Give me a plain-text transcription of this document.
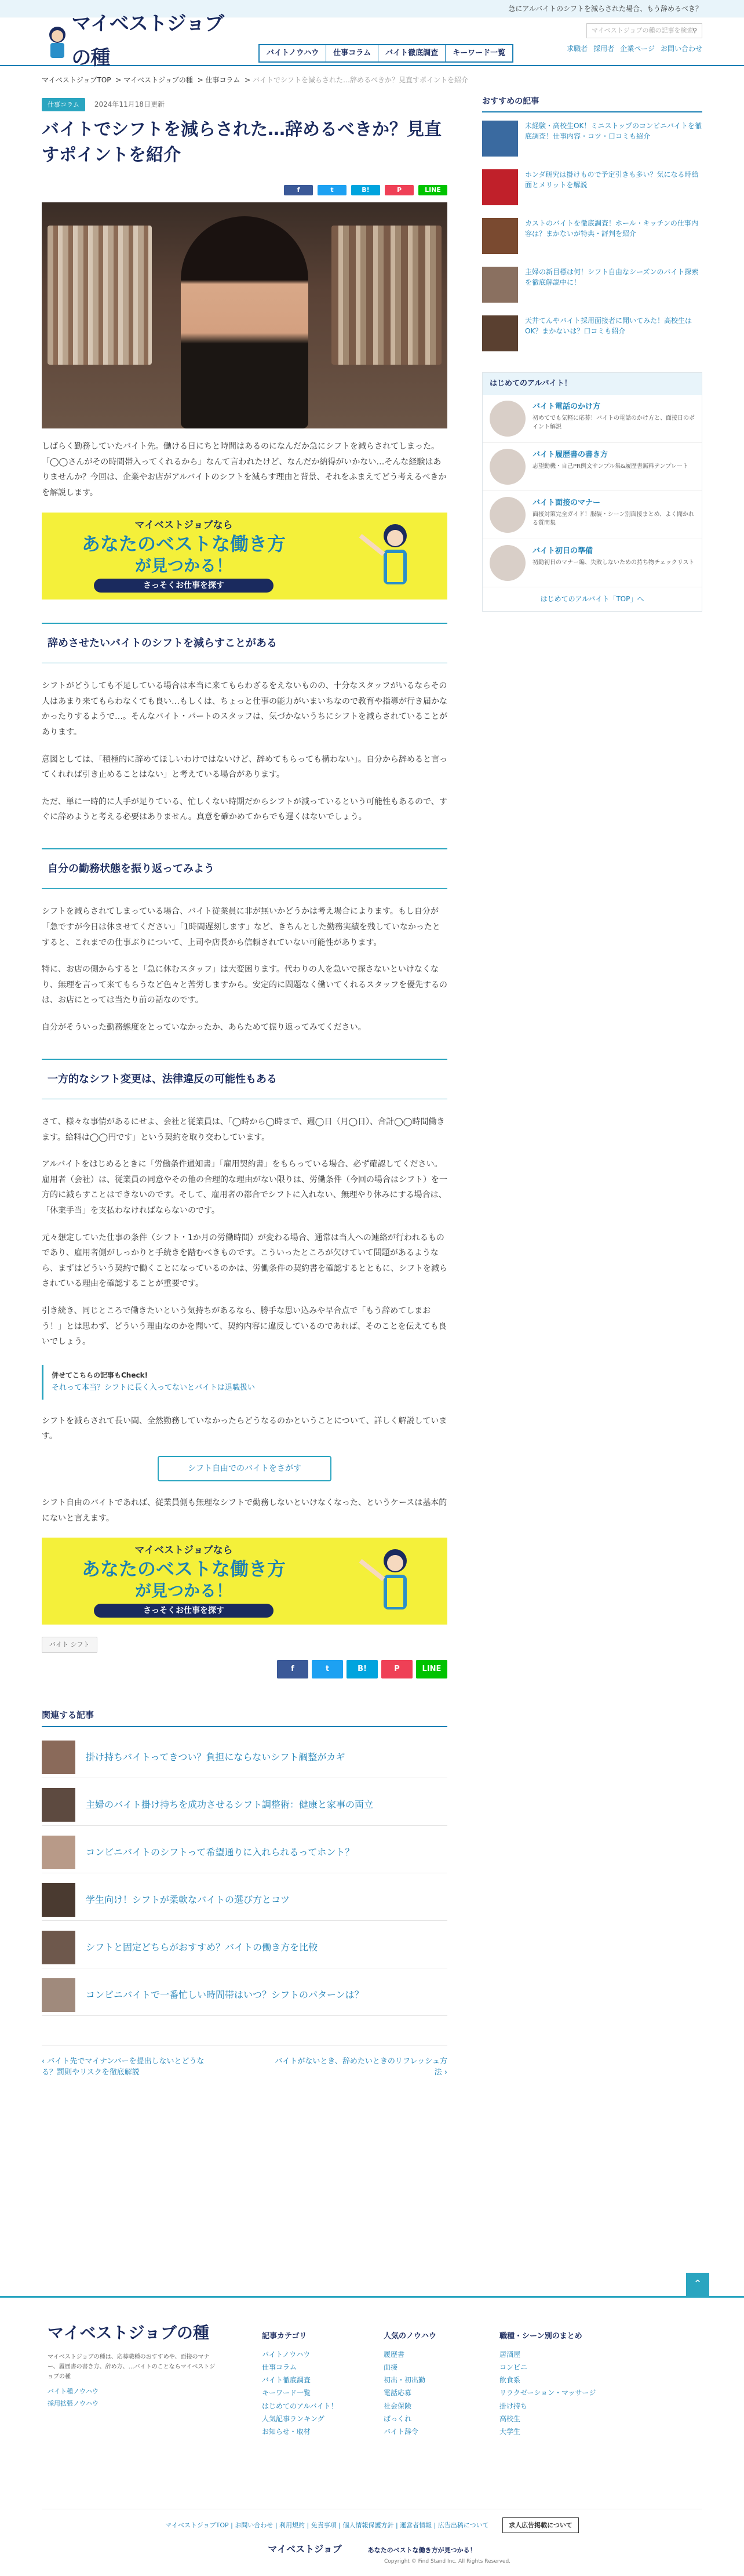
急にアルバイトのシフトを減らされた場合、もう辞めるべき？
マイベストジョブの種
マイベストジョブの種の記事を検索
⚲
求職者 採用者 企業ページ お問い合わせ
バイトノウハウ	仕事コラム	バイト徹底調査	キーワード一覧
マイベストジョブTOP > マイベストジョブの種 > 仕事コラム > バイトでシフトを減らされた…辞めるべきか？見直すポイントを紹介
仕事コラム	2024年11月18日更新
バイトでシフトを減らされた…辞めるべきか？見直すポイントを紹介
f	t	B!	P	LINE

しばらく勤務していたバイト先。働ける日にちと時間はあるのになんだか急にシフトを減らされてしまった。「◯◯さんがその時間帯入ってくれるから」なんて言われたけど、なんだか納得がいかない…そんな経験はありませんか？今回は、企業やお店がアルバイトのシフトを減らす理由と背景、それをふまえてどう考えるべきかを解説します。

マイベストジョブなら
あなたのベストな働き方
が見つかる！
さっそくお仕事を探す
辞めさせたいバイトのシフトを減らすことがある

シフトがどうしても不足している場合は本当に来てもらわざるをえないものの、十分なスタッフがいるならその人はあまり来てもらわなくても良い…もしくは、ちょっと仕事の能力がいまいちなので教育や指導が行き届かなかったりするようで…。そんなバイト・パートのスタッフは、気づかないうちにシフトを減らされていることがあります。

意図としては、「積極的に辞めてほしいわけではないけど、辞めてもらっても構わない」。自分から辞めると言ってくれれば引き止めることはない」と考えている場合があります。

ただ、単に一時的に人手が足りている、忙しくない時期だからシフトが減っているという可能性もあるので、すぐに辞めようと考える必要はありません。真意を確かめてからでも遅くはないでしょう。

自分の勤務状態を振り返ってみよう

シフトを減らされてしまっている場合、バイト従業員に非が無いかどうかは考え場合によります。もし自分が「急ですが今日は休ませてください」「1時間遅刻します」など、きちんとした勤務実績を残していなかったとすると、これまでの仕事ぶりについて、上司や店長から信頼されていない可能性があります。

特に、お店の側からすると「急に休むスタッフ」は大変困ります。代わりの人を急いで探さないといけなくなり、無理を言って来てもらうなど色々と苦労しますから。安定的に問題なく働いてくれるスタッフを優先するのは、お店にとっては当たり前の話なのです。

自分がそういった勤務態度をとっていなかったか、あらためて振り返ってみてください。

一方的なシフト変更は、法律違反の可能性もある

さて、様々な事情があるにせよ、会社と従業員は、「◯時から◯時まで、週◯日（月◯日）、合計◯◯時間働きます。給料は◯◯円です」という契約を取り交わしています。

アルバイトをはじめるときに「労働条件通知書」「雇用契約書」をもらっている場合、必ず確認してください。雇用者（会社）は、従業員の同意やその他の合理的な理由がない限りは、労働条件（今回の場合はシフト）を一方的に減らすことはできないのです。そして、雇用者の都合でシフトに入れない、無理やり休みにする場合は、「休業手当」を支払わなければならないのです。

元々想定していた仕事の条件（シフト・1か月の労働時間）が変わる場合、通常は当人への連絡が行われるものであり、雇用者側がしっかりと手続きを踏むべきものです。こういったところが欠けていて問題があるようなら、まずはどういう契約で働くことになっているのかは、労働条件の契約書を確認するとともに、シフトを減らされている理由を確認することが重要です。

引き続き、同じところで働きたいという気持ちがあるなら、勝手な思い込みや早合点で「もう辞めてしまおう！」とは思わず、どういう理由なのかを聞いて、契約内容に違反しているのであれば、そのことを伝えても良いでしょう。

併せてこちらの記事もCheck!
それって本当？シフトに長く入ってないとバイトは退職扱い

シフトを減らされて長い間、全然勤務していなかったらどうなるのかということについて、詳しく解説しています。

シフト自由でのバイトをさがす

シフト自由のバイトであれば、従業員側も無理なシフトで勤務しないといけなくなった、というケースは基本的にないと言えます。

マイベストジョブなら
あなたのベストな働き方
が見つかる！
さっそくお仕事を探す
バイト シフト
f	t	B!	P	LINE
関連する記事
掛け持ちバイトってきつい？負担にならないシフト調整がカギ
主婦のバイト掛け持ちを成功させるシフト調整術：健康と家事の両立
コンビニバイトのシフトって希望通りに入れられるってホント？
学生向け！シフトが柔軟なバイトの選び方とコツ
シフトと固定どちらがおすすめ？バイトの働き方を比較
コンビニバイトで一番忙しい時間帯はいつ？シフトのパターンは？
‹ バイト先でマイナンバーを提出しないとどうなる？罰則やリスクを徹底解説
バイトがないとき、辞めたいときのリフレッシュ方法 ›
おすすめの記事
未経験・高校生OK！ミニストップのコンビニバイトを徹底調査！仕事内容・コツ・口コミも紹介
ホンダ研究は掛けもので予定引きも多い？気になる時給面とメリットを解説
カストのバイトを徹底調査！ホール・キッチンの仕事内容は？まかないが特典・評判を紹介
主婦の新目標は何！シフト自由なシーズンのバイト探索を徹底解説中に！
天井てんやバイト採用面接者に聞いてみた！高校生はOK？まかないは？口コミも紹介
はじめてのアルバイト！
バイト電話のかけ方
初めてでも気軽に応募！バイトの電話のかけ方と、面接日のポイント解説
バイト履歴書の書き方
志望動機・自己PR例文サンプル集&履歴書無料テンプレート
バイト面接のマナー
面接対策完全ガイド！服装・シーン別面接まとめ、よく聞かれる質問集
バイト初日の準備
初勤初日のマナー編、失敗しないための持ち物チェックリスト
はじめてのアルバイト「TOP」へ
⌃
マイベストジョブの種
マイベストジョブの種は、応募職種のおすすめや、面接のマナー、履歴書の書き方、辞め方、…バイトのことならマイベストジョブの種
バイト種ノウハウ
採用拡張ノウハウ
記事カテゴリ
バイトノウハウ
仕事コラム
バイト徹底調査
キーワード一覧
はじめてのアルバイト！
人気記事ランキング
お知らせ・取材
人気のノウハウ
履歴書
面接
初出・初出勤
電話応募
社会保険
ばっくれ
バイト辞令
職種・シーン別のまとめ
居酒屋
コンビニ
飲食系
リラクゼーション・マッサージ
掛け持ち
高校生
大学生
マイベストジョブTOP | お問い合わせ | 利用規約 | 免責事項 | 個人情報保護方針 | 運営者情報 | 広告出稿について	求人広告掲載について
マイベストジョブ	あなたのベストな働き方が見つかる！
Copyright © Find Stand Inc. All Rights Reserved.
